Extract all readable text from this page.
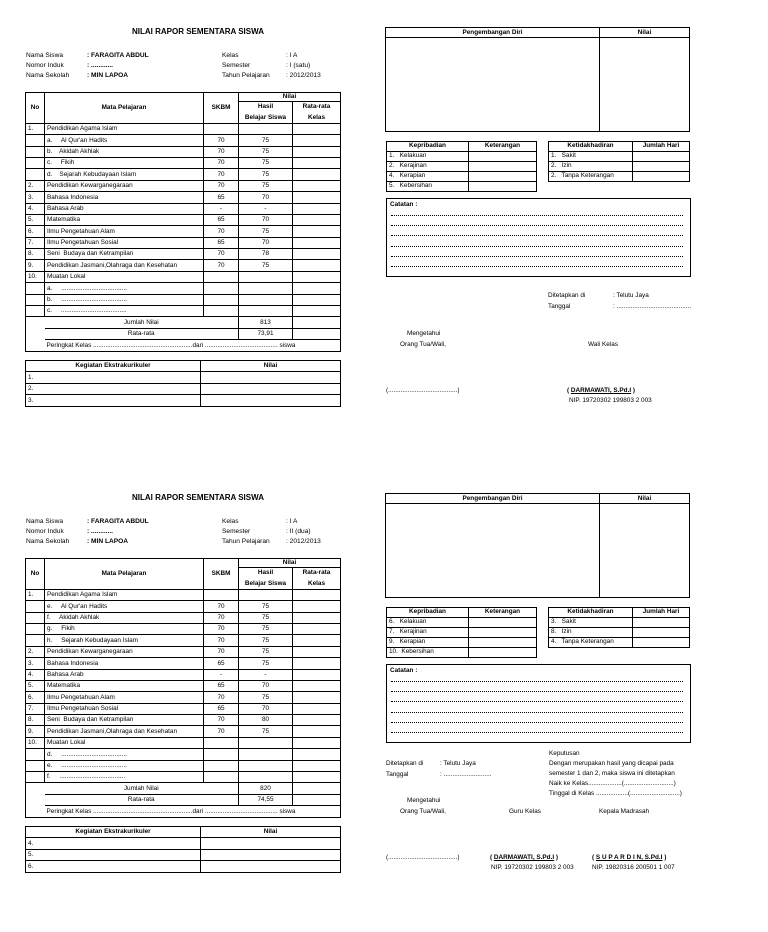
NILAI RAPOR SEMENTARA SISWA
Nama Siswa	: FARAGITA ABDUL	Kelas	: I A
Nomor Induk	: ............	Semester	: I (satu)
Nama Sekolah	: MIN LAPOA	Tahun Pelajaran : 2012/2013
No	Mata Pelajaran	SKBM	Nilai	
			Hasil	Rata-rata
			Belajar Siswa	Kelas
1.	Pendidikan Agama Islam			
	a.     Al Qur'an Hadits	70	75	
	b.    Akidah Akhlak	70	75	
	c.     Fikih	70	75	
	d.    Sejarah Kebudayaan Islam	70	75	
2.	Pendidikan Kewarganegaraan	70	75	
3.	Bahasa Indonesia	65	70	
4.	Bahasa Arab	-	-	
5.	Matematika	65	70	
6.	Ilmu Pengetahuan Alam	70	75	
7.	Ilmu Pengetahuan Sosial	65	70	
8.	Seni  Budaya dan Ketrampilan	70	78	
9.	Pendidikan Jasmani,Olahraga dan Kesehatan	70	75	
10.	Muatan Lokal			
	a.     .....................................			
	b.     .....................................			
	c.     .....................................			
	Jumlah Nilai		813	
	Rata-rata		73,91	
	Peringkat Kelas ........................................................dari ......................................... siswa			
Kegiatan Ekstrakurikuler	Nilai
1.	
2.	
3.	
Pengembangan Diri	Nilai
Kepribadian	Keterangan
1.   Kelakuan	
2.   Kerajinan	
4.   Kerapian	
5.   Kebersihan	
Ketidakhadiran	Jumlah Hari
1.   Sakit	
2.   Izin	
2.   Tanpa Keterangan	
Catatan :
Ditetapkan di	: Telutu Jaya
Tanggal	: ..........................................
Mengetahui
Orang Tua/Wali,	Wali Kelas
(.......................................)	( DARMAWATI, S.Pd.I )
NIP. 19720302 199803 2 003
NILAI RAPOR SEMENTARA SISWA
Nama Siswa	: FARAGITA ABDUL	Kelas	: I A
Nomor Induk	: ............	Semester	: II (dua)
Nama Sekolah	: MIN LAPOA	Tahun Pelajaran : 2012/2013
No	Mata Pelajaran	SKBM	Nilai	
			Hasil	Rata-rata
			Belajar Siswa	Kelas
1.	Pendidikan Agama Islam			
	e.     Al Qur'an Hadits	70	75	
	f.     Akidah Akhlak	70	75	
	g.     Fikih	70	75	
	h.     Sejarah Kebudayaan Islam	70	75	
2.	Pendidikan Kewarganegaraan	70	75	
3.	Bahasa Indonesia	65	75	
4.	Bahasa Arab	-	-	
5.	Matematika	65	70	
6.	Ilmu Pengetahuan Alam	70	75	
7.	Ilmu Pengetahuan Sosial	65	70	
8.	Seni  Budaya dan Ketrampilan	70	80	
9.	Pendidikan Jasmani,Olahraga dan Kesehatan	70	75	
10.	Muatan Lokal			
	d.     .....................................			
	e.     .....................................			
	f.     .....................................			
	Jumlah Nilai		820	
	Rata-rata		74,55	
	Peringkat Kelas ........................................................dari ......................................... siswa			
Kegiatan Ekstrakurikuler	Nilai
4.	
5.	
6.	
Pengembangan Diri	Nilai
Kepribadian	Keterangan
6.   Kelakuan	
7.   Kerajinan	
9.   Kerapian	
10.  Kebersihan	
Ketidakhadiran	Jumlah Hari
3.   Sakit	
8.   Izin	
4.   Tanpa Keterangan	
Catatan :
Ditetapkan di	: Telutu Jaya
Tanggal	: ...........................
Keputusan
Dengan merupakan hasil yang dicapai pada
semester 1 dan 2, maka siswa ini ditetapkan
Naik ke Kelas...................(............................)
Tinggal di Kelas ..................(............................)
Mengetahui
Orang Tua/Wali,	Guru Kelas	Kepala Madrasah
(.......................................)	( DARMAWATI, S.Pd.I )
NIP. 19720302 199803 2 003
( S U P A R D I N, S.Pd.I )
NIP. 19820316 200501 1 007
